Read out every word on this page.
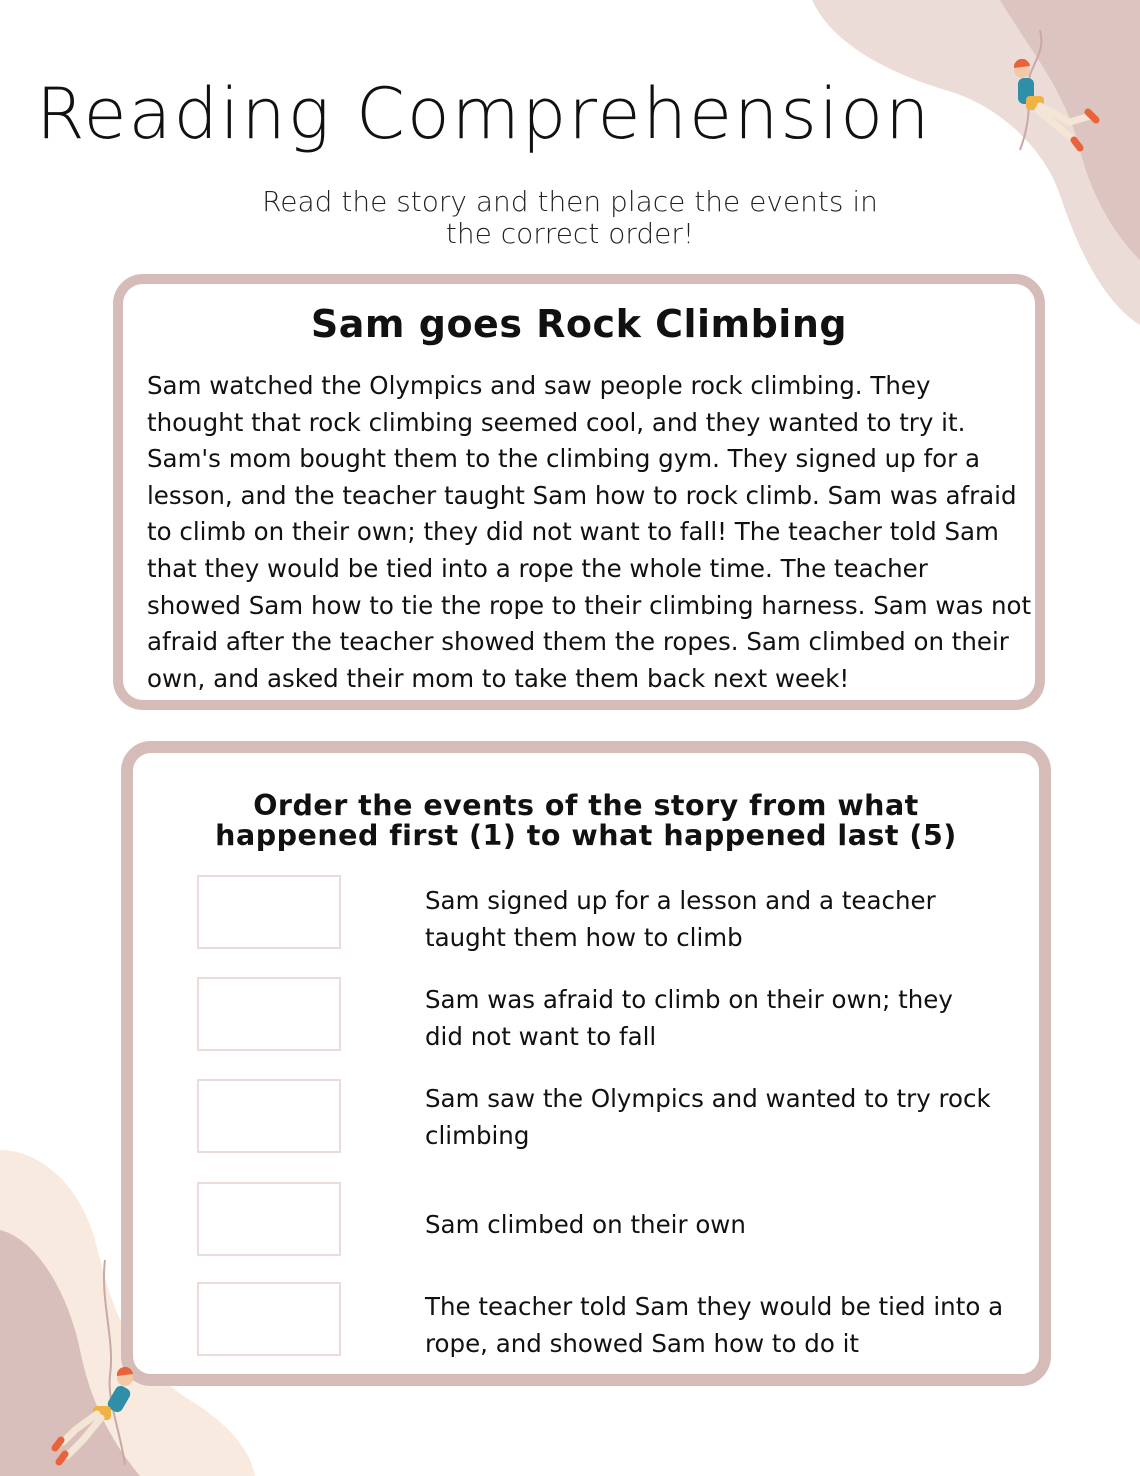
Reading Comprehension
Read the story and then place the events in
the correct order!
Sam goes Rock Climbing
Sam watched the Olympics and saw people rock climbing. They
thought that rock climbing seemed cool, and they wanted to try it.
Sam's mom bought them to the climbing gym. They signed up for a
lesson, and the teacher taught Sam how to rock climb. Sam was afraid
to climb on their own; they did not want to fall! The teacher told Sam
that they would be tied into a rope the whole time. The teacher
showed Sam how to tie the rope to their climbing harness. Sam was not
afraid after the teacher showed them the ropes. Sam climbed on their
own, and asked their mom to take them back next week!
Order the events of the story from what
happened first (1) to what happened last (5)
Sam signed up for a lesson and a teacher
taught them how to climb
Sam was afraid to climb on their own; they
did not want to fall
Sam saw the Olympics and wanted to try rock
climbing
Sam climbed on their own
The teacher told Sam they would be tied into a
rope, and showed Sam how to do it
